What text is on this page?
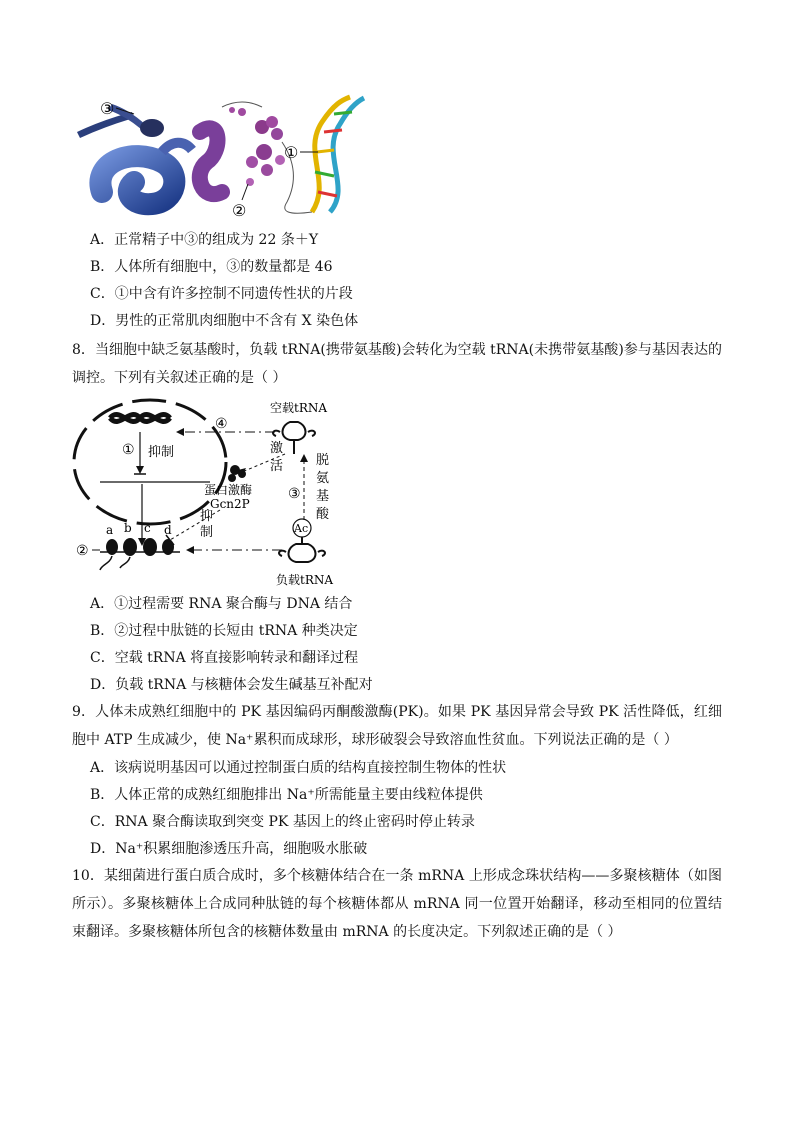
③
①
②
A．正常精子中③的组成为 22 条＋Y
B．人体所有细胞中，③的数量都是 46
C．①中含有许多控制不同遗传性状的片段
D．男性的正常肌肉细胞中不含有 X 染色体
8．当细胞中缺乏氨基酸时，负载 tRNA(携带氨基酸)会转化为空载 tRNA(未携带氨基酸)参与基因表达的调控。下列有关叙述正确的是（ ）
① 抑制
④
空载tRNA
激
活
蛋白激酶
Gcn2P
抑
制
脱
氨
基
酸
③
Ac
负载tRNA
②
a b c d
A．①过程需要 RNA 聚合酶与 DNA 结合
B．②过程中肽链的长短由 tRNA 种类决定
C．空载 tRNA 将直接影响转录和翻译过程
D．负载 tRNA 与核糖体会发生碱基互补配对
9．人体未成熟红细胞中的 PK 基因编码丙酮酸激酶(PK)。如果 PK 基因异常会导致 PK 活性降低，红细胞中 ATP 生成减少，使 Na⁺累积而成球形，球形破裂会导致溶血性贫血。下列说法正确的是（ ）
A．该病说明基因可以通过控制蛋白质的结构直接控制生物体的性状
B．人体正常的成熟红细胞排出 Na⁺所需能量主要由线粒体提供
C．RNA 聚合酶读取到突变 PK 基因上的终止密码时停止转录
D．Na⁺积累细胞渗透压升高，细胞吸水胀破
10．某细菌进行蛋白质合成时，多个核糖体结合在一条 mRNA 上形成念珠状结构——多聚核糖体（如图所示）。多聚核糖体上合成同种肽链的每个核糖体都从 mRNA 同一位置开始翻译，移动至相同的位置结束翻译。多聚核糖体所包含的核糖体数量由 mRNA 的长度决定。下列叙述正确的是（ ）
